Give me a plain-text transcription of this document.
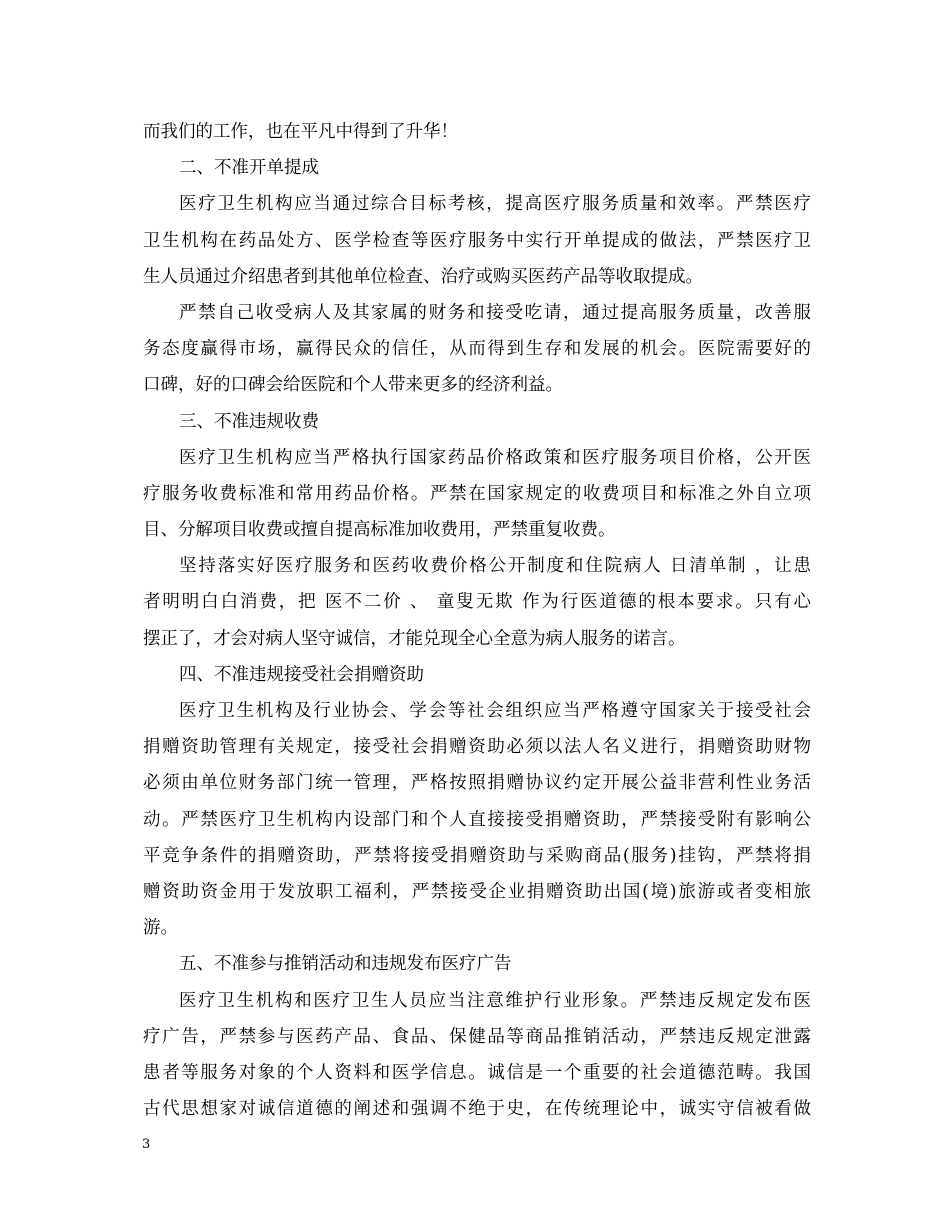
而我们的工作，也在平凡中得到了升华！
二、不准开单提成
医疗卫生机构应当通过综合目标考核，提高医疗服务质量和效率。严禁医疗
卫生机构在药品处方、医学检查等医疗服务中实行开单提成的做法，严禁医疗卫
生人员通过介绍患者到其他单位检查、治疗或购买医药产品等收取提成。
严禁自己收受病人及其家属的财务和接受吃请，通过提高服务质量，改善服
务态度赢得市场，赢得民众的信任，从而得到生存和发展的机会。医院需要好的
口碑，好的口碑会给医院和个人带来更多的经济利益。
三、不准违规收费
医疗卫生机构应当严格执行国家药品价格政策和医疗服务项目价格，公开医
疗服务收费标准和常用药品价格。严禁在国家规定的收费项目和标准之外自立项
目、分解项目收费或擅自提高标准加收费用，严禁重复收费。
坚持落实好医疗服务和医药收费价格公开制度和住院病人 日清单制 ，让患
者明明白白消费，把 医不二价 、 童叟无欺 作为行医道德的根本要求。只有心
摆正了，才会对病人坚守诚信，才能兑现全心全意为病人服务的诺言。
四、不准违规接受社会捐赠资助
医疗卫生机构及行业协会、学会等社会组织应当严格遵守国家关于接受社会
捐赠资助管理有关规定，接受社会捐赠资助必须以法人名义进行，捐赠资助财物
必须由单位财务部门统一管理，严格按照捐赠协议约定开展公益非营利性业务活
动。严禁医疗卫生机构内设部门和个人直接接受捐赠资助，严禁接受附有影响公
平竞争条件的捐赠资助，严禁将接受捐赠资助与采购商品(服务)挂钩，严禁将捐
赠资助资金用于发放职工福利，严禁接受企业捐赠资助出国(境)旅游或者变相旅
游。
五、不准参与推销活动和违规发布医疗广告
医疗卫生机构和医疗卫生人员应当注意维护行业形象。严禁违反规定发布医
疗广告，严禁参与医药产品、食品、保健品等商品推销活动，严禁违反规定泄露
患者等服务对象的个人资料和医学信息。诚信是一个重要的社会道德范畴。我国
古代思想家对诚信道德的阐述和强调不绝于史，在传统理论中，诚实守信被看做
3
